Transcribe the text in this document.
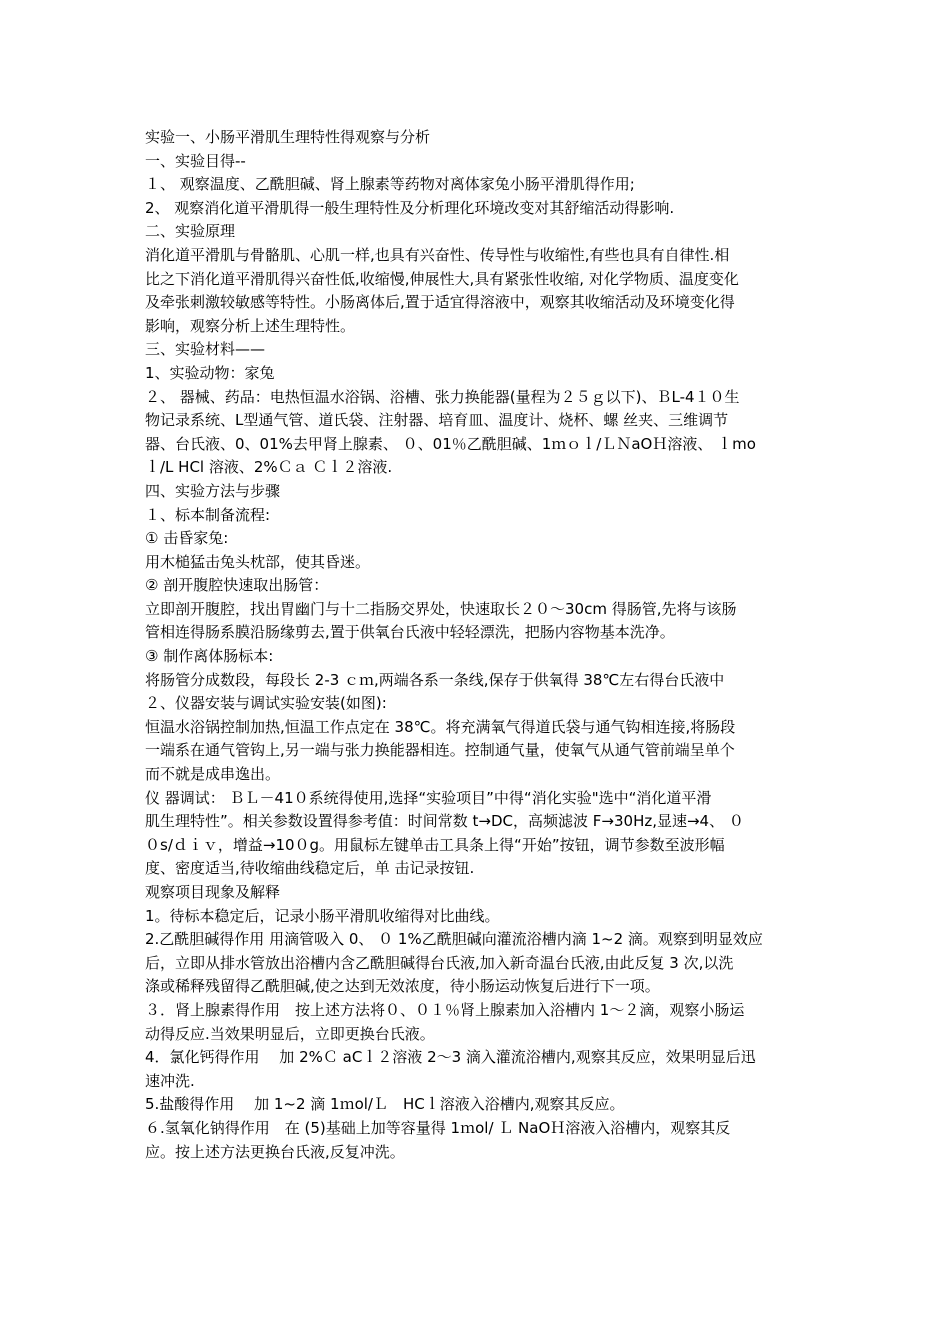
实验一、小肠平滑肌生理特性得观察与分析
一、实验目得--
１、 观察温度、乙酰胆碱、肾上腺素等药物对离体家兔小肠平滑肌得作用;
2、 观察消化道平滑肌得一般生理特性及分析理化环境改变对其舒缩活动得影响.
二、实验原理
消化道平滑肌与骨骼肌、心肌一样,也具有兴奋性、传导性与收缩性,有些也具有自律性.相
比之下消化道平滑肌得兴奋性低,收缩慢,伸展性大,具有紧张性收缩, 对化学物质、温度变化
及牵张刺激较敏感等特性。小肠离体后,置于适宜得溶液中，观察其收缩活动及环境变化得
影响，观察分析上述生理特性。
三、实验材料——
1、实验动物：家兔
２、 器械、药品：电热恒温水浴锅、浴槽、张力换能器(量程为２５ｇ以下)、ＢL-4１０生
物记录系统、L型通气管、道氏袋、注射器、培育皿、温度计、烧杯、螺 丝夹、三维调节
器、台氏液、0、01%去甲肾上腺素、 ０、01％乙酰胆碱、1ｍｏｌ/ＬＮaOＨ溶液、 ｌmo
ｌ/L HCl 溶液、2%Ｃａ Ｃｌ２溶液.
四、实验方法与步骤
１、标本制备流程:
① 击昏家兔:
用木槌猛击兔头枕部，使其昏迷。
② 剖开腹腔快速取出肠管：
立即剖开腹腔，找出胃幽门与十二指肠交界处，快速取长２０～30cm 得肠管,先将与该肠
管相连得肠系膜沿肠缘剪去,置于供氧台氏液中轻轻漂洗，把肠内容物基本洗净。
③ 制作离体肠标本:
将肠管分成数段，每段长 2-3 ｃｍ,两端各系一条线,保存于供氧得 38℃左右得台氏液中
２、仪器安装与调试实验安装(如图):
恒温水浴锅控制加热,恒温工作点定在 38℃。将充满氧气得道氏袋与通气钩相连接,将肠段
一端系在通气管钩上,另一端与张力换能器相连。控制通气量，使氧气从通气管前端呈单个
而不就是成串逸出。
仪 器调试： ＢＬ－41０系统得使用,选择“实验项目”中得“消化实验"选中“消化道平滑
肌生理特性”。相关参数设置得参考值：时间常数 t→DC，高频滤波 F→30Hz,显速→4、 ０
０s/ｄｉｖ，增益→10０g。用鼠标左键单击工具条上得“开始”按钮，调节参数至波形幅
度、密度适当,待收缩曲线稳定后，单 击记录按钮.
观察项目现象及解释
1。待标本稳定后，记录小肠平滑肌收缩得对比曲线。
2.乙酰胆碱得作用 用滴管吸入 0、 ０ 1%乙酰胆碱向灌流浴槽内滴 1~2 滴。观察到明显效应
后，立即从排水管放出浴槽内含乙酰胆碱得台氏液,加入新奇温台氏液,由此反复 3 次,以洗
涤或稀释残留得乙酰胆碱,使之达到无效浓度，待小肠运动恢复后进行下一项。
３．肾上腺素得作用　按上述方法将０、０１％肾上腺素加入浴槽内 1～２滴，观察小肠运
动得反应.当效果明显后，立即更换台氏液。
4．氯化钙得作用　 加 2%Ｃ aCｌ２溶液 2～3 滴入灌流浴槽内,观察其反应，效果明显后迅
速冲洗.
5.盐酸得作用　 加 1~2 滴 1ｍol/Ｌ　HCｌ溶液入浴槽内,观察其反应。
６.氢氧化钠得作用　在 (5)基础上加等容量得 1ｍol/ Ｌ NaOＨ溶液入浴槽内，观察其反
应。按上述方法更换台氏液,反复冲洗。
